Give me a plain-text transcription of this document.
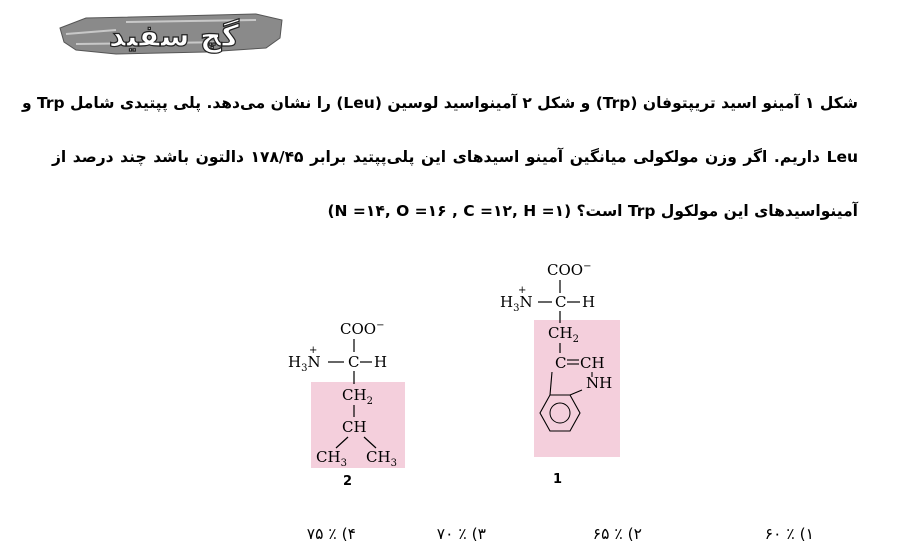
گچ سفید
شکل ۱ آمینو اسید تریپتوفان (Trp) و شکل ۲ آمینواسید لوسین (Leu) را نشان می‌دهد. پلی پپتیدی شامل Trp و
Leu داریم. اگر وزن مولکولی میانگین آمینو اسیدهای این پلی‌پپتید برابر ۱۷۸/۴۵ دالتون باشد چند درصد از
آمینواسیدهای این مولکول Trp است؟ (N =۱۴, O =۱۶ , C =۱۲, H =۱)
COO−
$H_3N$
+
C H
$CH_2$
C CH
NH
1
COO−
$H_3N$
+
C H
$CH_2$
CH
$CH_3$ $CH_3$
2
۱) ٪ ۶۰
۲) ٪ ۶۵
۳) ٪ ۷۰
۴) ٪ ۷۵
